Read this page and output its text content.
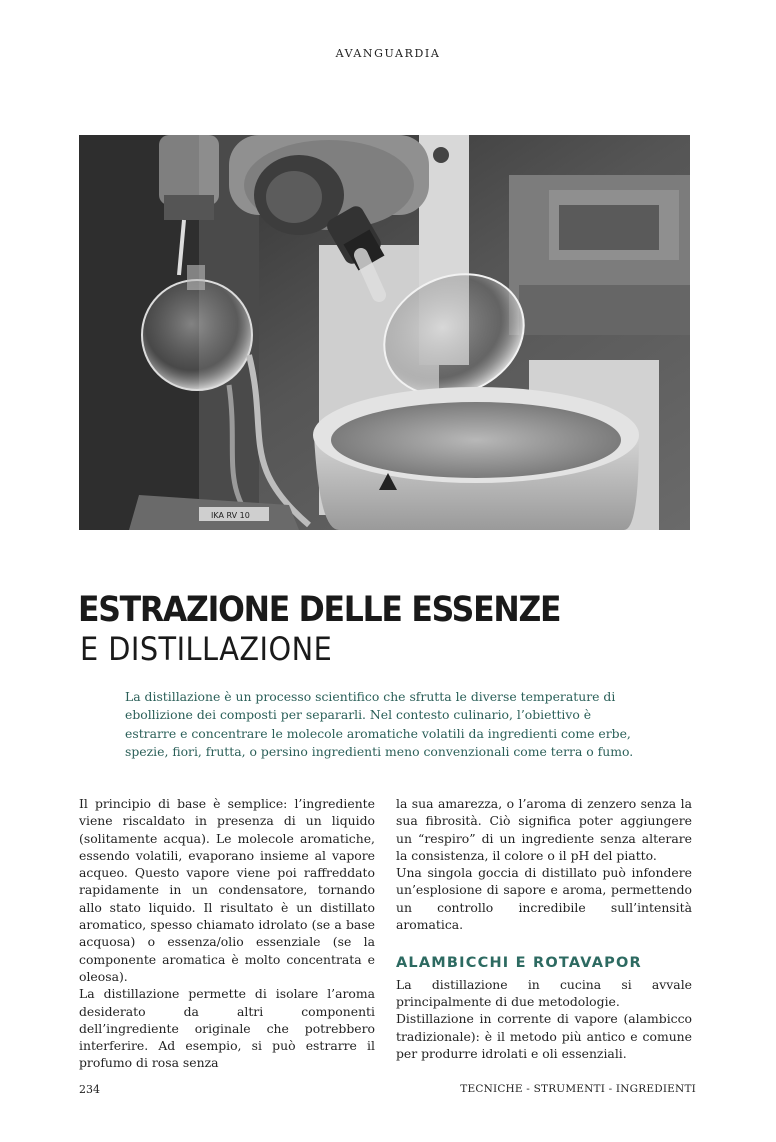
AVANGUARDIA
IKA RV 10
ESTRAZIONE DELLE ESSENZE
E DISTILLAZIONE
La distillazione è un processo scientifico che sfrutta le diverse temperature di ebollizione dei composti per separarli. Nel contesto culinario, l’obiettivo è estrarre e concentrare le molecole aromatiche volatili da ingredienti come erbe, spezie, fiori, frutta, o persino ingredienti meno convenzionali come terra o fumo.

Il principio di base è semplice: l’ingrediente viene riscaldato in presenza di un liquido (solitamente acqua). Le molecole aromatiche, essendo volatili, evaporano insieme al vapore acqueo. Questo vapore viene poi raffreddato rapidamente in un condensatore, tornando allo stato liquido. Il risultato è un distillato aromatico, spesso chiamato idrolato (se a base acquosa) o essenza/olio essenziale (se la componente aromatica è molto concentrata e oleosa).

La distillazione permette di isolare l’aroma desiderato da altri componenti dell’ingrediente originale che potrebbero interferire. Ad esempio, si può estrarre il profumo di rosa senza

la sua amarezza, o l’aroma di zenzero senza la sua fibrosità. Ciò significa poter aggiungere un “respiro” di un ingrediente senza alterare la consistenza, il colore o il pH del piatto.

Una singola goccia di distillato può infondere un’esplosione di sapore e aroma, permettendo un controllo incredibile sull’intensità aromatica.

ALAMBICCHI E ROTAVAPOR

La distillazione in cucina si avvale principalmente di due metodologie.

Distillazione in corrente di vapore (alambicco tradizionale): è il metodo più antico e comune per produrre idrolati e oli essenziali.

234	TECNICHE - STRUMENTI - INGREDIENTI
